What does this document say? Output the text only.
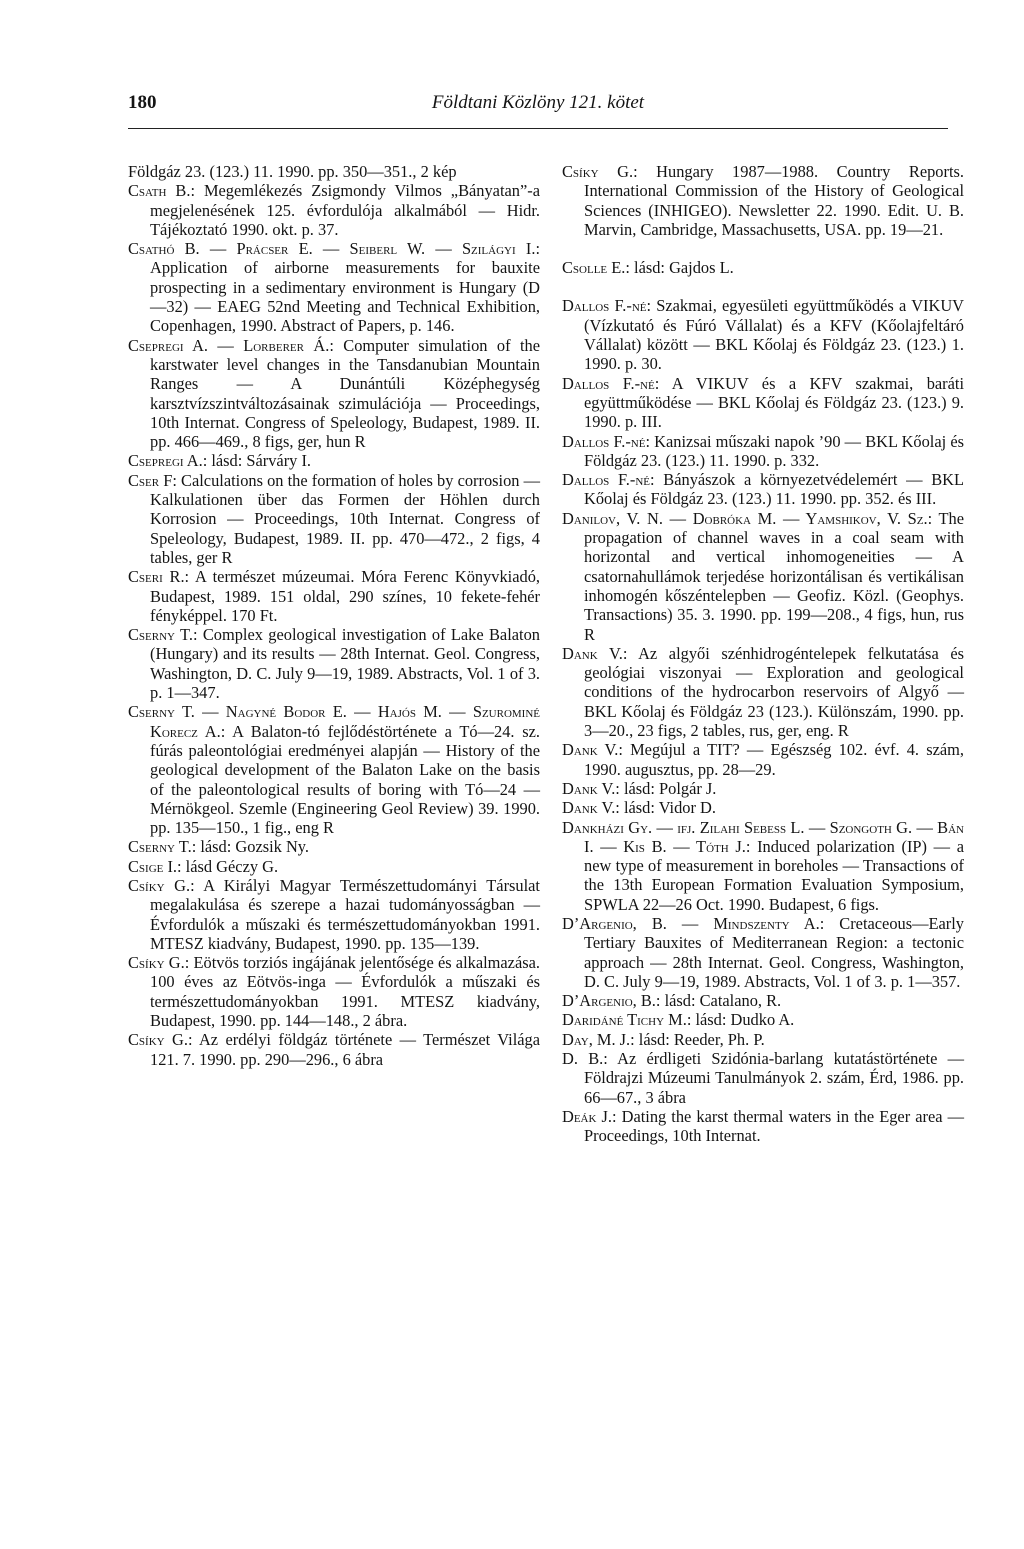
180	Földtani Közlöny 121. kötet

Földgáz 23. (123.) 11. 1990. pp. 350—351., 2 kép

Csath B.: Megemlékezés Zsigmondy Vilmos „Bányatan”-a megjelenésének 125. évfordulója alkalmából — Hidr. Tájékoztató 1990. okt. p. 37.

Csathó B. — Prácser E. — Seiberl W. — Szilágyi I.: Application of airborne measurements for bauxite prospecting in a sedimentary environment is Hungary (D—32) — EAEG 52nd Meeting and Technical Exhibition, Copenhagen, 1990. Abstract of Papers, p. 146.

Csepregi A. — Lorberer Á.: Computer simulation of the karstwater level changes in the Tansdanubian Mountain Ranges — A Dunántúli Középhegység karsztvízszintváltozásainak szimulációja — Proceedings, 10th Internat. Congress of Speleology, Budapest, 1989. II. pp. 466—469., 8 figs, ger, hun R

Csepregi A.: lásd: Sárváry I.

Cser F: Calculations on the formation of holes by corrosion — Kalkulationen über das Formen der Höhlen durch Korrosion — Proceedings, 10th Internat. Congress of Speleology, Budapest, 1989. II. pp. 470—472., 2 figs, 4 tables, ger R

Cseri R.: A természet múzeumai. Móra Ferenc Könyvkiadó, Budapest, 1989. 151 oldal, 290 színes, 10 fekete-fehér fényképpel. 170 Ft.

Cserny T.: Complex geological investigation of Lake Balaton (Hungary) and its results — 28th Internat. Geol. Congress, Washington, D. C. July 9—19, 1989. Abstracts, Vol. 1 of 3. p. 1—347.

Cserny T. — Nagyné Bodor E. — Hajós M. — Szurominé Korecz A.: A Balaton-tó fejlődéstörténete a Tó—24. sz. fúrás paleontológiai eredményei alapján — History of the geological development of the Balaton Lake on the basis of the paleontological results of boring with Tó—24 — Mérnökgeol. Szemle (Engineering Geol Review) 39. 1990. pp. 135—150., 1 fig., eng R

Cserny T.: lásd: Gozsik Ny.

Csige I.: lásd Géczy G.

Csíky G.: A Királyi Magyar Természettudományi Társulat megalakulása és szerepe a hazai tudományosságban — Évfordulók a műszaki és természettudományokban 1991. MTESZ kiadvány, Budapest, 1990. pp. 135—139.

Csíky G.: Eötvös torziós ingájának jelentősége és alkalmazása. 100 éves az Eötvös-inga — Évfordulók a műszaki és természettudományokban 1991. MTESZ kiadvány, Budapest, 1990. pp. 144—148., 2 ábra.

Csíky G.: Az erdélyi földgáz története — Természet Világa 121. 7. 1990. pp. 290—296., 6 ábra

Csíky G.: Hungary 1987—1988. Country Reports. International Commission of the History of Geological Sciences (INHIGEO). Newsletter 22. 1990. Edit. U. B. Marvin, Cambridge, Massachusetts, USA. pp. 19—21.

Csolle E.: lásd: Gajdos L.

Dallos F.-né: Szakmai, egyesületi együttműködés a VIKUV (Vízkutató és Fúró Vállalat) és a KFV (Kőolajfeltáró Vállalat) között — BKL Kőolaj és Földgáz 23. (123.) 1. 1990. p. 30.

Dallos F.-né: A VIKUV és a KFV szakmai, baráti együttműködése — BKL Kőolaj és Földgáz 23. (123.) 9. 1990. p. III.

Dallos F.-né: Kanizsai műszaki napok ’90 — BKL Kőolaj és Földgáz 23. (123.) 11. 1990. p. 332.

Dallos F.-né: Bányászok a környezetvédelemért — BKL Kőolaj és Földgáz 23. (123.) 11. 1990. pp. 352. és III.

Danilov, V. N. — Dobróka M. — Yamshikov, V. Sz.: The propagation of channel waves in a coal seam with horizontal and vertical inhomogeneities — A csatornahullámok terjedése horizontálisan és vertikálisan inhomogén kőszéntelepben — Geofiz. Közl. (Geophys. Transactions) 35. 3. 1990. pp. 199—208., 4 figs, hun, rus R

Dank V.: Az algyői szénhidrogéntelepek felkutatása és geológiai viszonyai — Exploration and geological conditions of the hydrocarbon reservoirs of Algyő — BKL Kőolaj és Földgáz 23 (123.). Különszám, 1990. pp. 3—20., 23 figs, 2 tables, rus, ger, eng. R

Dank V.: Megújul a TIT? — Egészség 102. évf. 4. szám, 1990. augusztus, pp. 28—29.

Dank V.: lásd: Polgár J.

Dank V.: lásd: Vidor D.

Dankházi Gy. — ifj. Zilahi Sebess L. — Szongoth G. — Bán I. — Kis B. — Tóth J.: Induced polarization (IP) — a new type of measurement in boreholes — Transactions of the 13th European Formation Evaluation Symposium, SPWLA 22—26 Oct. 1990. Budapest, 6 figs.

D’Argenio, B. — Mindszenty A.: Cretaceous—Early Tertiary Bauxites of Mediterranean Region: a tectonic approach — 28th Internat. Geol. Congress, Washington, D. C. July 9—19, 1989. Abstracts, Vol. 1 of 3. p. 1—357.

D’Argenio, B.: lásd: Catalano, R.

Daridáné Tichy M.: lásd: Dudko A.

Day, M. J.: lásd: Reeder, Ph. P.

D. B.: Az érdligeti Szidónia-barlang kutatástörténete — Földrajzi Múzeumi Tanulmányok 2. szám, Érd, 1986. pp. 66—67., 3 ábra

Deák J.: Dating the karst thermal waters in the Eger area — Proceedings, 10th Internat.
